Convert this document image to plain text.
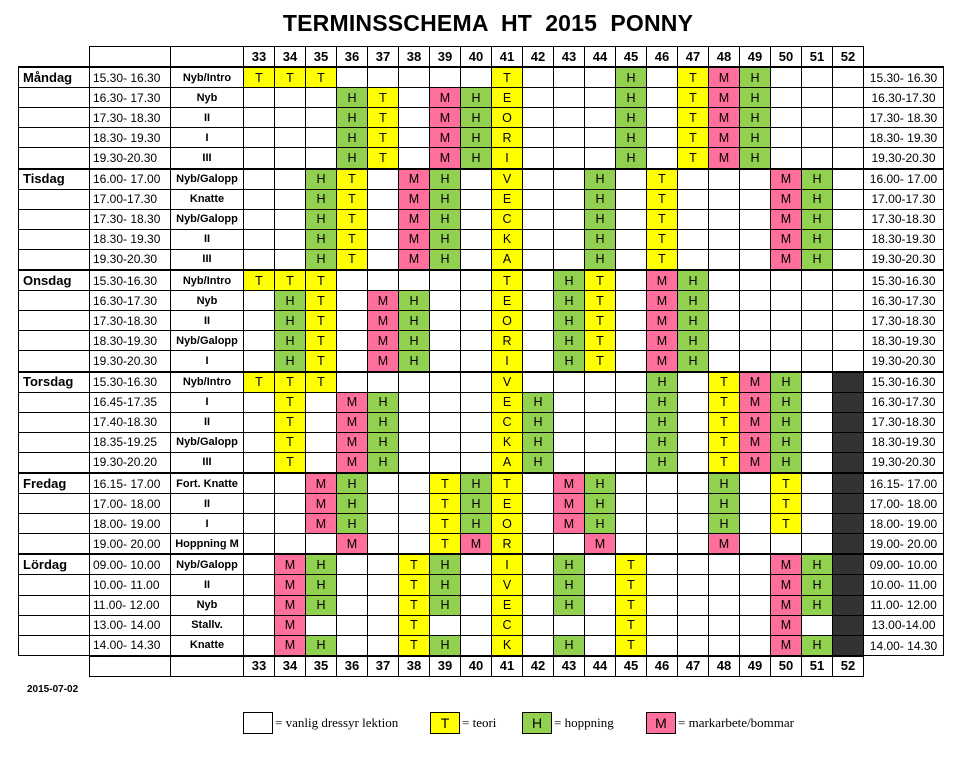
TERMINSSCHEMA  HT  2015  PONNY
			33	34	35	36	37	38	39	40	41	42	43	44	45	46	47	48	49	50	51	52	
Måndag	15.30- 16.30	Nyb/Intro	T	T	T						T				H		T	M	H				15.30- 16.30
	16.30- 17.30	Nyb				H	T		M	H	E				H		T	M	H				16.30-17.30
	17.30- 18.30	II				H	T		M	H	O				H		T	M	H				17.30- 18.30
	18.30- 19.30	I				H	T		M	H	R				H		T	M	H				18.30- 19.30
	19.30-20.30	III				H	T		M	H	I				H		T	M	H				19.30-20.30
Tisdag	16.00- 17.00	Nyb/Galopp			H	T		M	H		V			H		T				M	H		16.00- 17.00
	17.00-17.30	Knatte			H	T		M	H		E			H		T				M	H		17.00-17.30
	17.30- 18.30	Nyb/Galopp			H	T		M	H		C			H		T				M	H		17.30-18.30
	18.30- 19.30	II			H	T		M	H		K			H		T				M	H		18.30-19.30
	19.30-20.30	III			H	T		M	H		A			H		T				M	H		19.30-20.30
Onsdag	15.30-16.30	Nyb/Intro	T	T	T						T		H	T		M	H						15.30-16.30
	16.30-17.30	Nyb		H	T		M	H			E		H	T		M	H						16.30-17.30
	17.30-18.30	II		H	T		M	H			O		H	T		M	H						17.30-18.30
	18.30-19.30	Nyb/Galopp		H	T		M	H			R		H	T		M	H						18.30-19.30
	19.30-20.30	I		H	T		M	H			I		H	T		M	H						19.30-20.30
Torsdag	15.30-16.30	Nyb/Intro	T	T	T						V					H		T	M	H			15.30-16.30
	16.45-17.35	I		T		M	H				E	H				H		T	M	H			16.30-17.30
	17.40-18.30	II		T		M	H				C	H				H		T	M	H			17.30-18.30
	18.35-19.25	Nyb/Galopp		T		M	H				K	H				H		T	M	H			18.30-19.30
	19.30-20.20	III		T		M	H				A	H				H		T	M	H			19.30-20.30
Fredag	16.15- 17.00	Fort. Knatte			M	H			T	H	T		M	H				H		T			16.15- 17.00
	17.00- 18.00	II			M	H			T	H	E		M	H				H		T			17.00- 18.00
	18.00- 19.00	I			M	H			T	H	O		M	H				H		T			18.00- 19.00
	19.00- 20.00	Hoppning M				M			T	M	R			M				M					19.00- 20.00
Lördag	09.00- 10.00	Nyb/Galopp		M	H			T	H		I		H		T					M	H		09.00- 10.00
	10.00- 11.00	II		M	H			T	H		V		H		T					M	H		10.00- 11.00
	11.00- 12.00	Nyb		M	H			T	H		E		H		T					M	H		11.00- 12.00
	13.00- 14.00	Stallv.		M				T			C				T					M			13.00-14.00
	14.00- 14.30	Knatte		M	H			T	H		K		H		T					M	H		14.00- 14.30
			33	34	35	36	37	38	39	40	41	42	43	44	45	46	47	48	49	50	51	52	
2015-07-02
= vanlig dressyr lektion	T = teori	H = hoppning	M = markarbete/bommar
